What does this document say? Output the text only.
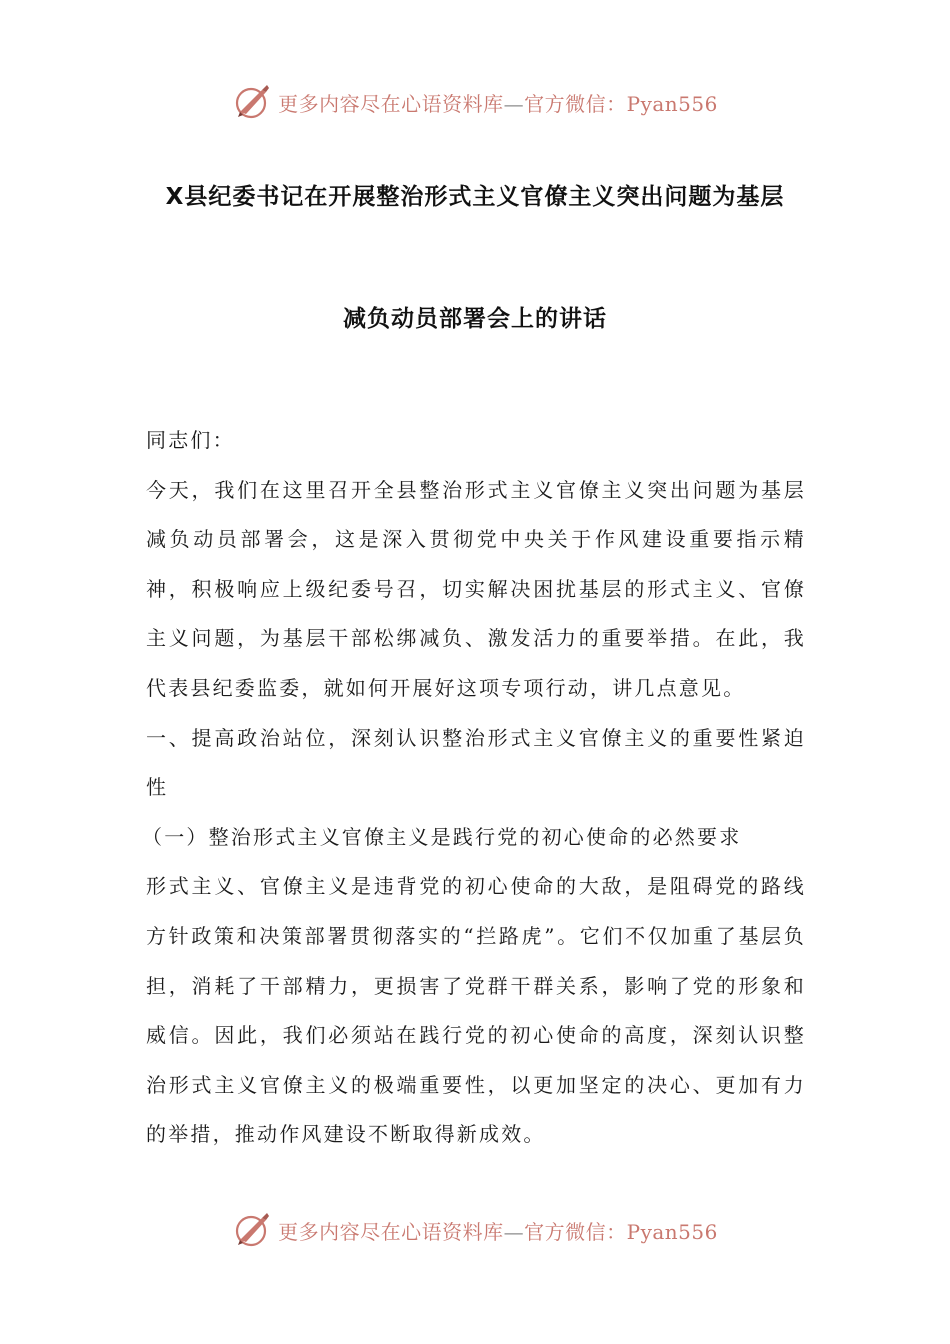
更多内容尽在心语资料库—官方微信：Pyan556
X县纪委书记在开展整治形式主义官僚主义突出问题为基层
减负动员部署会上的讲话

同志们：

今天，我们在这里召开全县整治形式主义官僚主义突出问题为基层减负动员部署会，这是深入贯彻党中央关于作风建设重要指示精神，积极响应上级纪委号召，切实解决困扰基层的形式主义、官僚主义问题，为基层干部松绑减负、激发活力的重要举措。在此，我代表县纪委监委，就如何开展好这项专项行动，讲几点意见。

一、提高政治站位，深刻认识整治形式主义官僚主义的重要性紧迫性

（一）整治形式主义官僚主义是践行党的初心使命的必然要求

形式主义、官僚主义是违背党的初心使命的大敌，是阻碍党的路线方针政策和决策部署贯彻落实的“拦路虎”。它们不仅加重了基层负担，消耗了干部精力，更损害了党群干群关系，影响了党的形象和威信。因此，我们必须站在践行党的初心使命的高度，深刻认识整治形式主义官僚主义的极端重要性，以更加坚定的决心、更加有力的举措，推动作风建设不断取得新成效。

更多内容尽在心语资料库—官方微信：Pyan556
